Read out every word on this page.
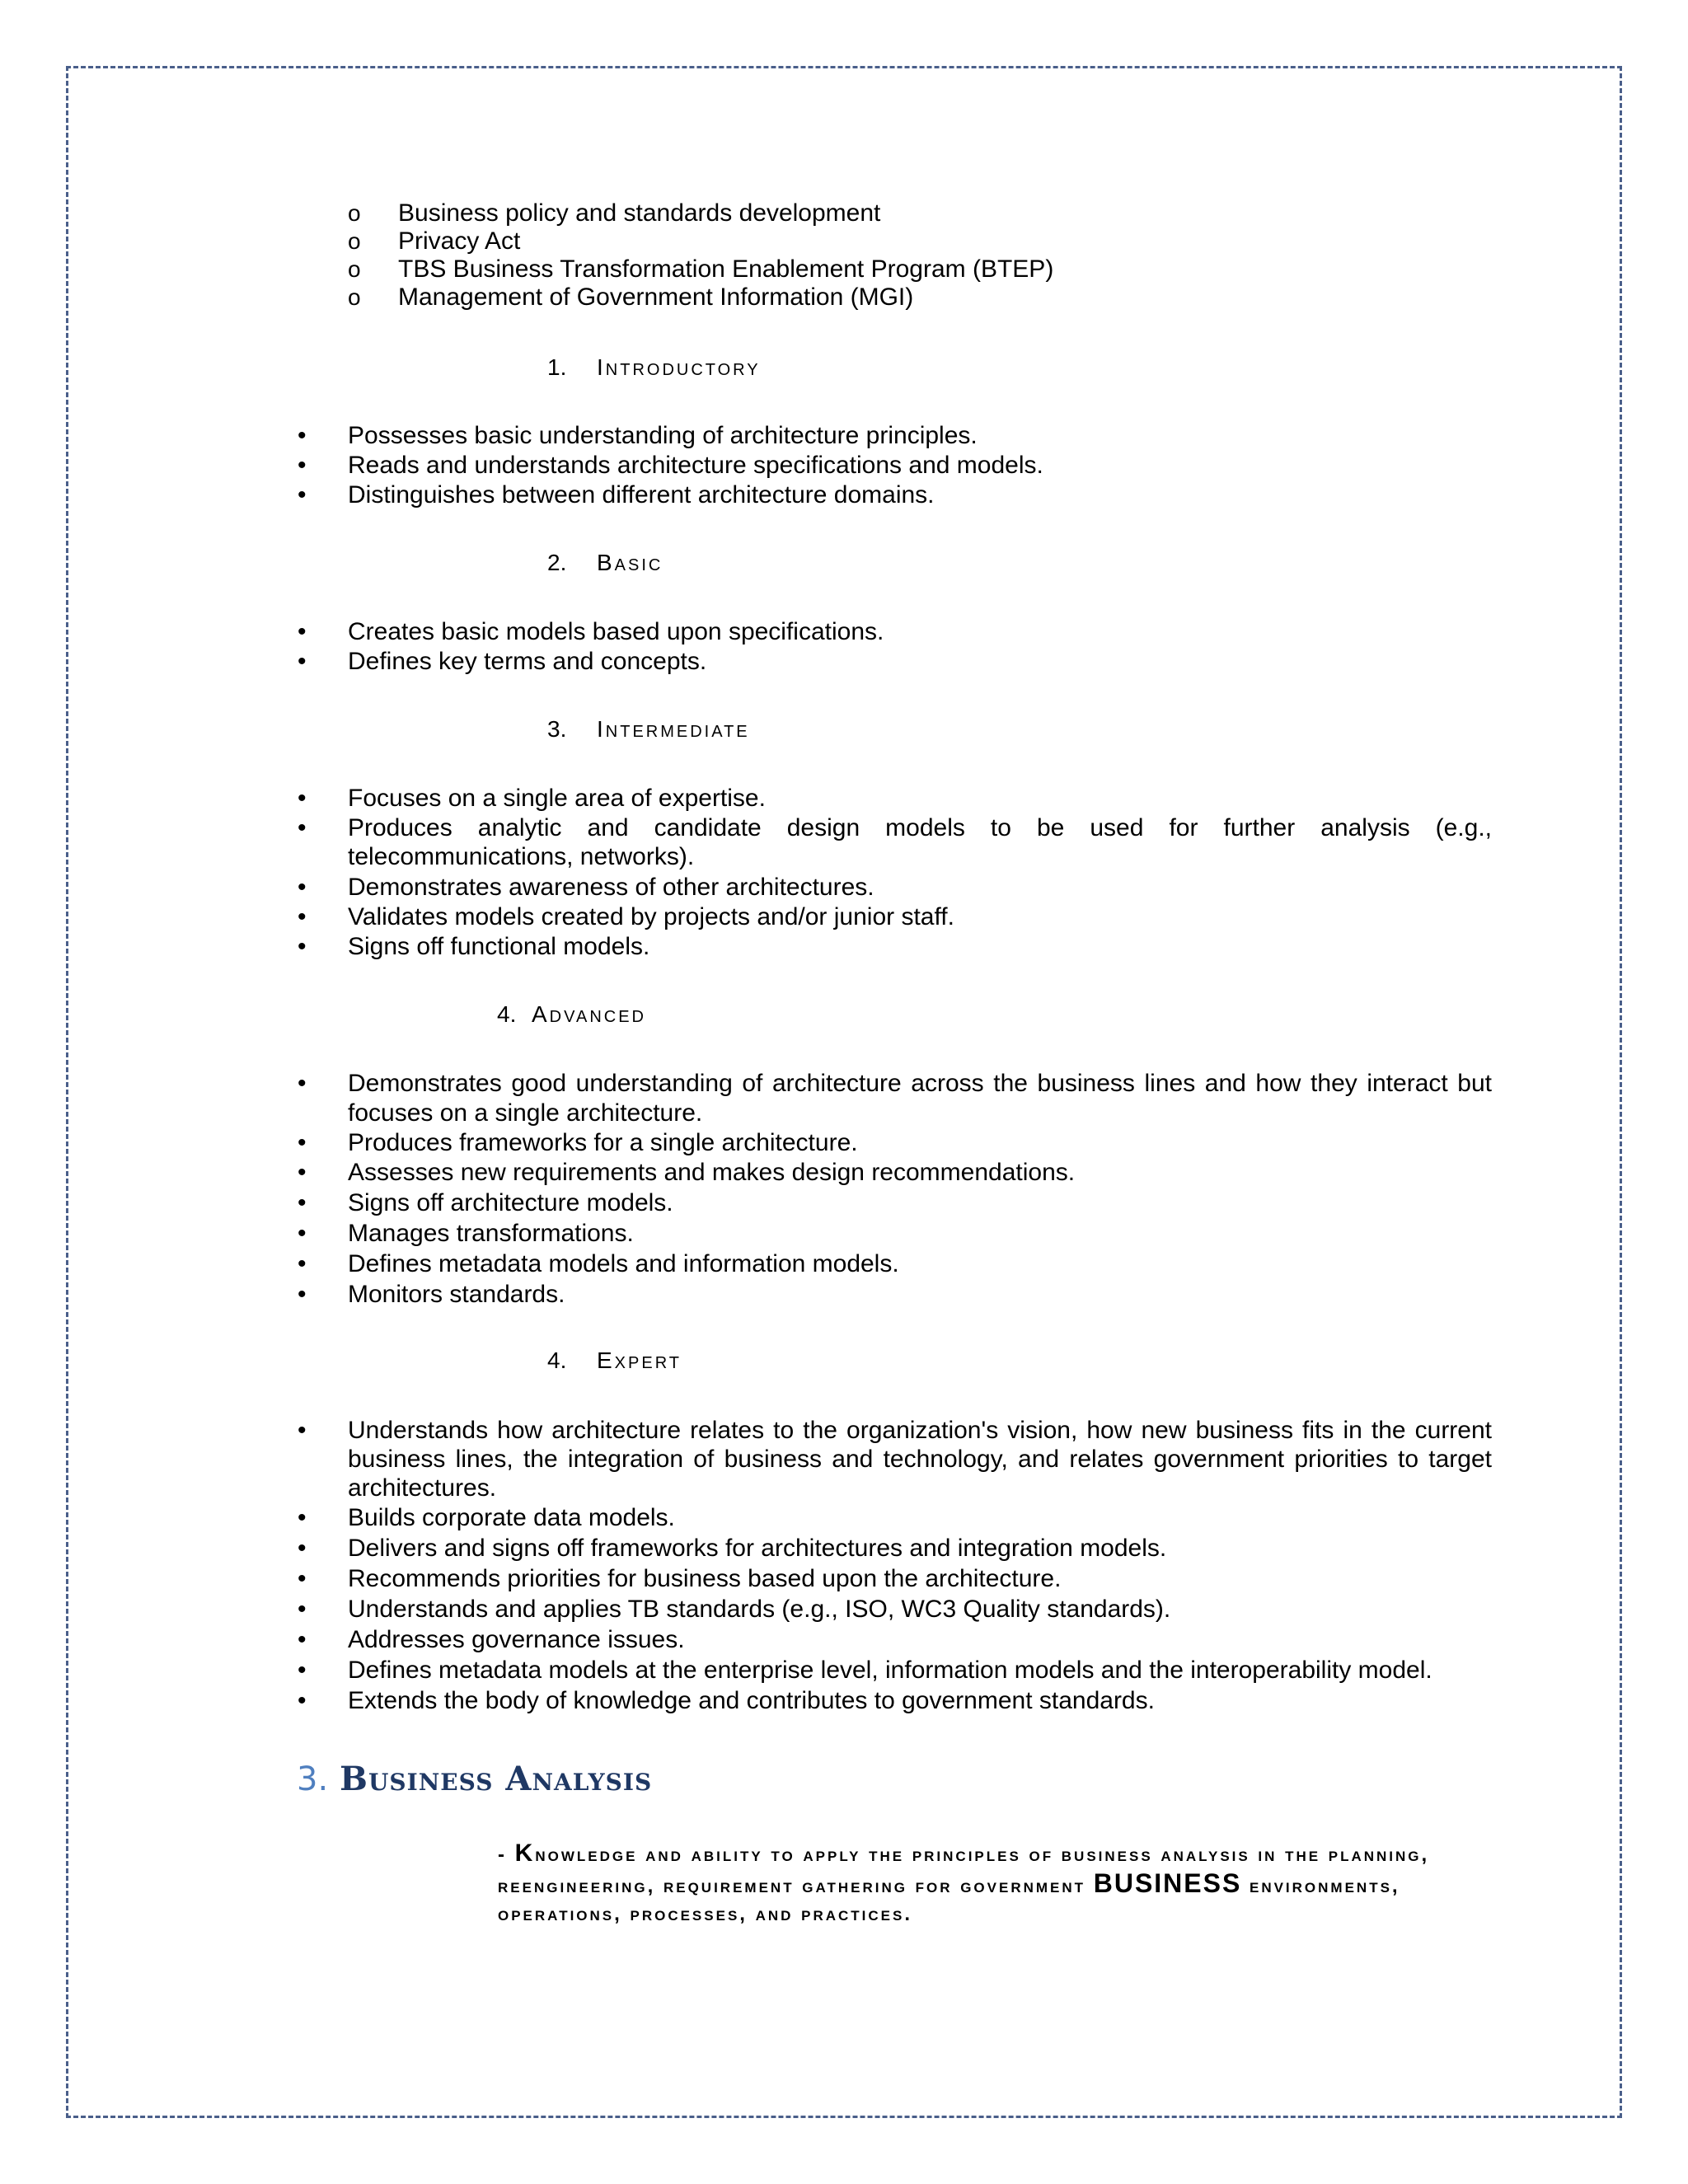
o Business policy and standards development
o Privacy Act
o TBS Business Transformation Enablement Program (BTEP)
o Management of Government Information (MGI)
1. Introductory
• Possesses basic understanding of architecture principles.
• Reads and understands architecture specifications and models.
• Distinguishes between different architecture domains.
2. Basic
• Creates basic models based upon specifications.
• Defines key terms and concepts.
3. Intermediate
• Focuses on a single area of expertise.
• Produces analytic and candidate design models to be used for further analysis (e.g.,
telecommunications, networks).
• Demonstrates awareness of other architectures.
• Validates models created by projects and/or junior staff.
• Signs off functional models.
4. Advanced
• Demonstrates good understanding of architecture across the business lines and how they interact but
focuses on a single architecture.
• Produces frameworks for a single architecture.
• Assesses new requirements and makes design recommendations.
• Signs off architecture models.
• Manages transformations.
• Defines metadata models and information models.
• Monitors standards.
4. Expert
• Understands how architecture relates to the organization's vision, how new business fits in the current
business lines, the integration of business and technology, and relates government priorities to target
architectures.
• Builds corporate data models.
• Delivers and signs off frameworks for architectures and integration models.
• Recommends priorities for business based upon the architecture.
• Understands and applies TB standards (e.g., ISO, WC3 Quality standards).
• Addresses governance issues.
• Defines metadata models at the enterprise level, information models and the interoperability model.
• Extends the body of knowledge and contributes to government standards.
3. Business Analysis
- Knowledge and ability to apply the principles of business analysis in the planning, reengineering, requirement gathering for government BUSINESS environments, operations, processes, and practices.
